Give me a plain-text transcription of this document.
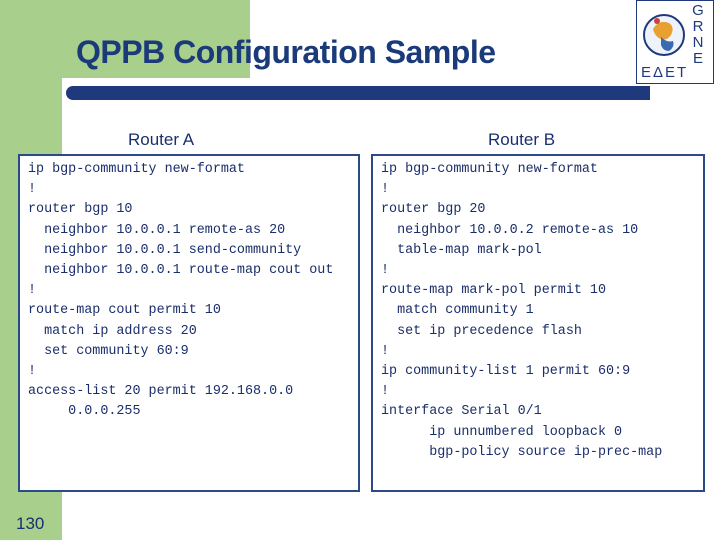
QPPB Configuration Sample
G
R
N
E
ΕΔΕΤ
Router A	Router B
ip bgp-community new-format
!
router bgp 10
neighbor 10.0.0.1 remote-as 20
neighbor 10.0.0.1 send-community
neighbor 10.0.0.1 route-map cout out
!
route-map cout permit 10
match ip address 20
set community 60:9
!
access-list 20 permit 192.168.0.0
0.0.0.255
ip bgp-community new-format
!
router bgp 20
neighbor 10.0.0.2 remote-as 10
table-map mark-pol
!
route-map mark-pol permit 10
match community 1
set ip precedence flash
!
ip community-list 1 permit 60:9
!
interface Serial 0/1
ip unnumbered loopback 0
bgp-policy source ip-prec-map
130
